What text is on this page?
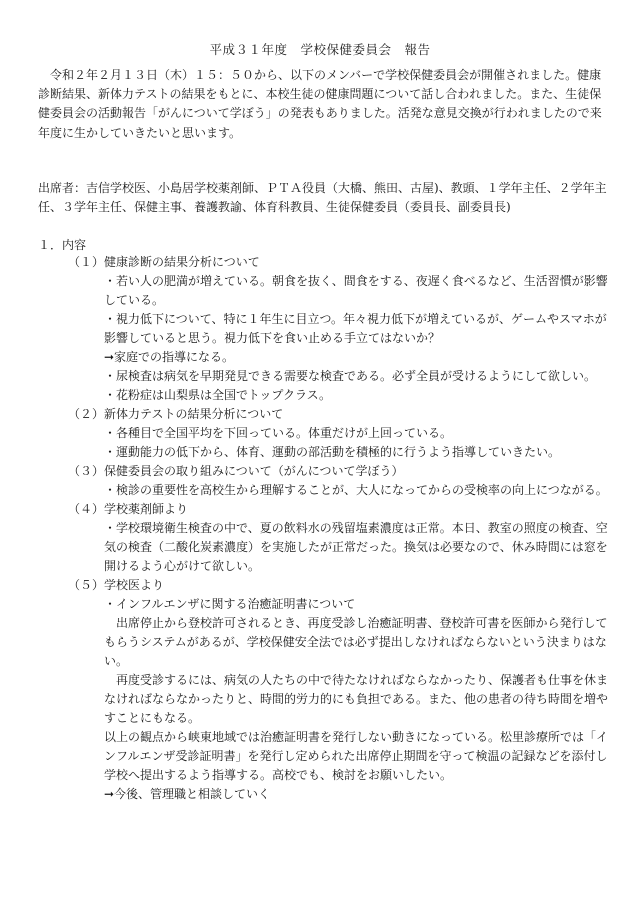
平成３１年度　学校保健委員会　報告

令和２年２月１３日（木）１５：５０から、以下のメンバーで学校保健委員会が開催されました。健康診断結果、新体力テストの結果をもとに、本校生徒の健康問題について話し合われました。また、生徒保健委員会の活動報告「がんについて学ぼう」の発表もありました。活発な意見交換が行われましたので来年度に生かしていきたいと思います。

出席者：吉信学校医、小島居学校薬剤師、ＰＴＡ役員（大橋、熊田、古屋)、教頭、１学年主任、２学年主任、３学年主任、保健主事、養護教諭、体育科教員、生徒保健委員（委員長、副委員長)

１．内容
（１） 健康診断の結果分析について

・若い人の肥満が増えている。朝食を抜く、間食をする、夜遅く食べるなど、生活習慣が影響している。

・視力低下について、特に１年生に目立つ。年々視力低下が増えているが、ゲームやスマホが影響していると思う。視力低下を食い止める手立てはないか？

➞家庭での指導になる。

・尿検査は病気を早期発見できる需要な検査である。必ず全員が受けるようにして欲しい。

・花粉症は山梨県は全国でトップクラス。

（２） 新体力テストの結果分析について

・各種目で全国平均を下回っている。体重だけが上回っている。

・運動能力の低下から、体育、運動の部活動を積極的に行うよう指導していきたい。

（３） 保健委員会の取り組みについて（がんについて学ぼう）

・検診の重要性を高校生から理解することが、大人になってからの受検率の向上につながる。

（４） 学校薬剤師より

・学校環境衛生検査の中で、夏の飲料水の残留塩素濃度は正常。本日、教室の照度の検査、空気の検査（二酸化炭素濃度）を実施したが正常だった。換気は必要なので、休み時間には窓を開けるよう心がけて欲しい。

（５） 学校医より

・インフルエンザに関する治癒証明書について

出席停止から登校許可されるとき、再度受診し治癒証明書、登校許可書を医師から発行してもらうシステムがあるが、学校保健安全法では必ず提出しなければならないという決まりはない。

再度受診するには、病気の人たちの中で待たなければならなかったり、保護者も仕事を休まなければならなかったりと、時間的労力的にも負担である。また、他の患者の待ち時間を増やすことにもなる。

以上の観点から峡東地域では治癒証明書を発行しない動きになっている。松里診療所では「インフルエンザ受診証明書」を発行し定められた出席停止期間を守って検温の記録などを添付し学校へ提出するよう指導する。高校でも、検討をお願いしたい。

➞今後、管理職と相談していく
